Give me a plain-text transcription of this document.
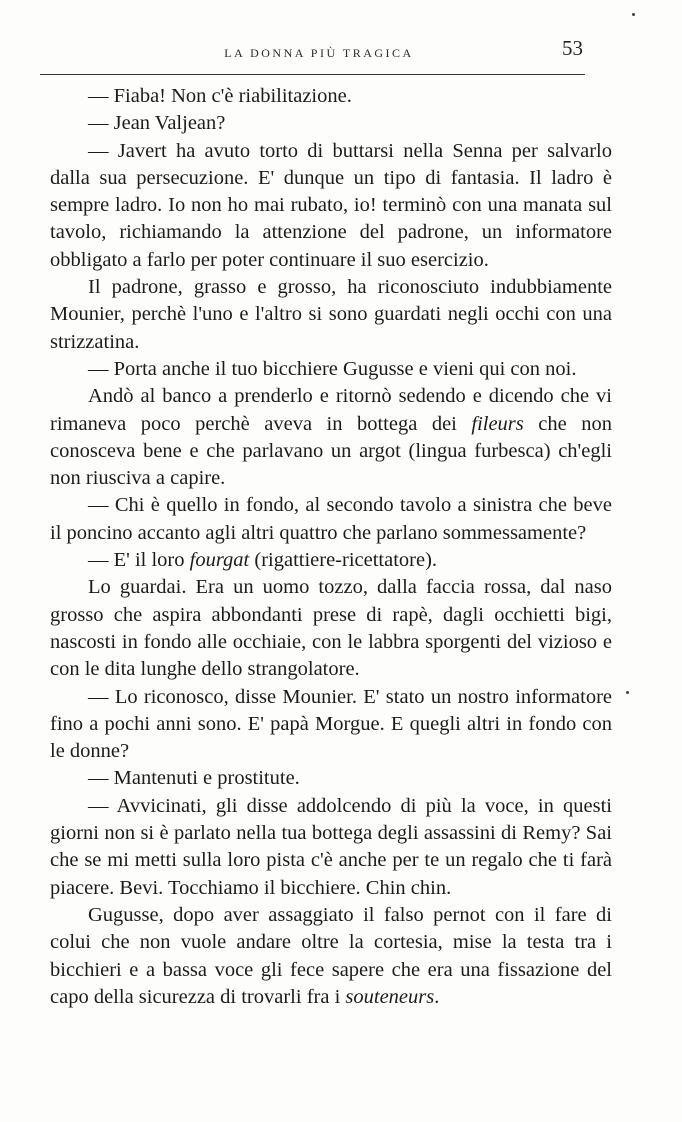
LA DONNA PIÙ TRAGICA	53

— Fiaba! Non c'è riabilitazione.

— Jean Valjean?

— Javert ha avuto torto di buttarsi nella Senna per salvarlo dalla sua persecuzione. E' dunque un tipo di fantasia. Il ladro è sempre ladro. Io non ho mai rubato, io! terminò con una manata sul tavolo, richiamando la attenzione del padrone, un informatore obbligato a farlo per poter continuare il suo esercizio.

Il padrone, grasso e grosso, ha riconosciuto indubbiamente Mounier, perchè l'uno e l'altro si sono guardati negli occhi con una strizzatina.

— Porta anche il tuo bicchiere Gugusse e vieni qui con noi.

Andò al banco a prenderlo e ritornò sedendo e dicendo che vi rimaneva poco perchè aveva in bottega dei fileurs che non conosceva bene e che parlavano un argot (lingua furbesca) ch'egli non riusciva a capire.

— Chi è quello in fondo, al secondo tavolo a sinistra che beve il poncino accanto agli altri quattro che parlano sommessamente?

— E' il loro fourgat (rigattiere-ricettatore).

Lo guardai. Era un uomo tozzo, dalla faccia rossa, dal naso grosso che aspira abbondanti prese di rapè, dagli occhietti bigi, nascosti in fondo alle occhiaie, con le labbra sporgenti del vizioso e con le dita lunghe dello strangolatore.

— Lo riconosco, disse Mounier. E' stato un nostro informatore fino a pochi anni sono. E' papà Morgue. E quegli altri in fondo con le donne?

— Mantenuti e prostitute.

— Avvicinati, gli disse addolcendo di più la voce, in questi giorni non si è parlato nella tua bottega degli assassini di Remy? Sai che se mi metti sulla loro pista c'è anche per te un regalo che ti farà piacere. Bevi. Tocchiamo il bicchiere. Chin chin.

Gugusse, dopo aver assaggiato il falso pernot con il fare di colui che non vuole andare oltre la cortesia, mise la testa tra i bicchieri e a bassa voce gli fece sapere che era una fissazione del capo della sicurezza di trovarli fra i souteneurs.
